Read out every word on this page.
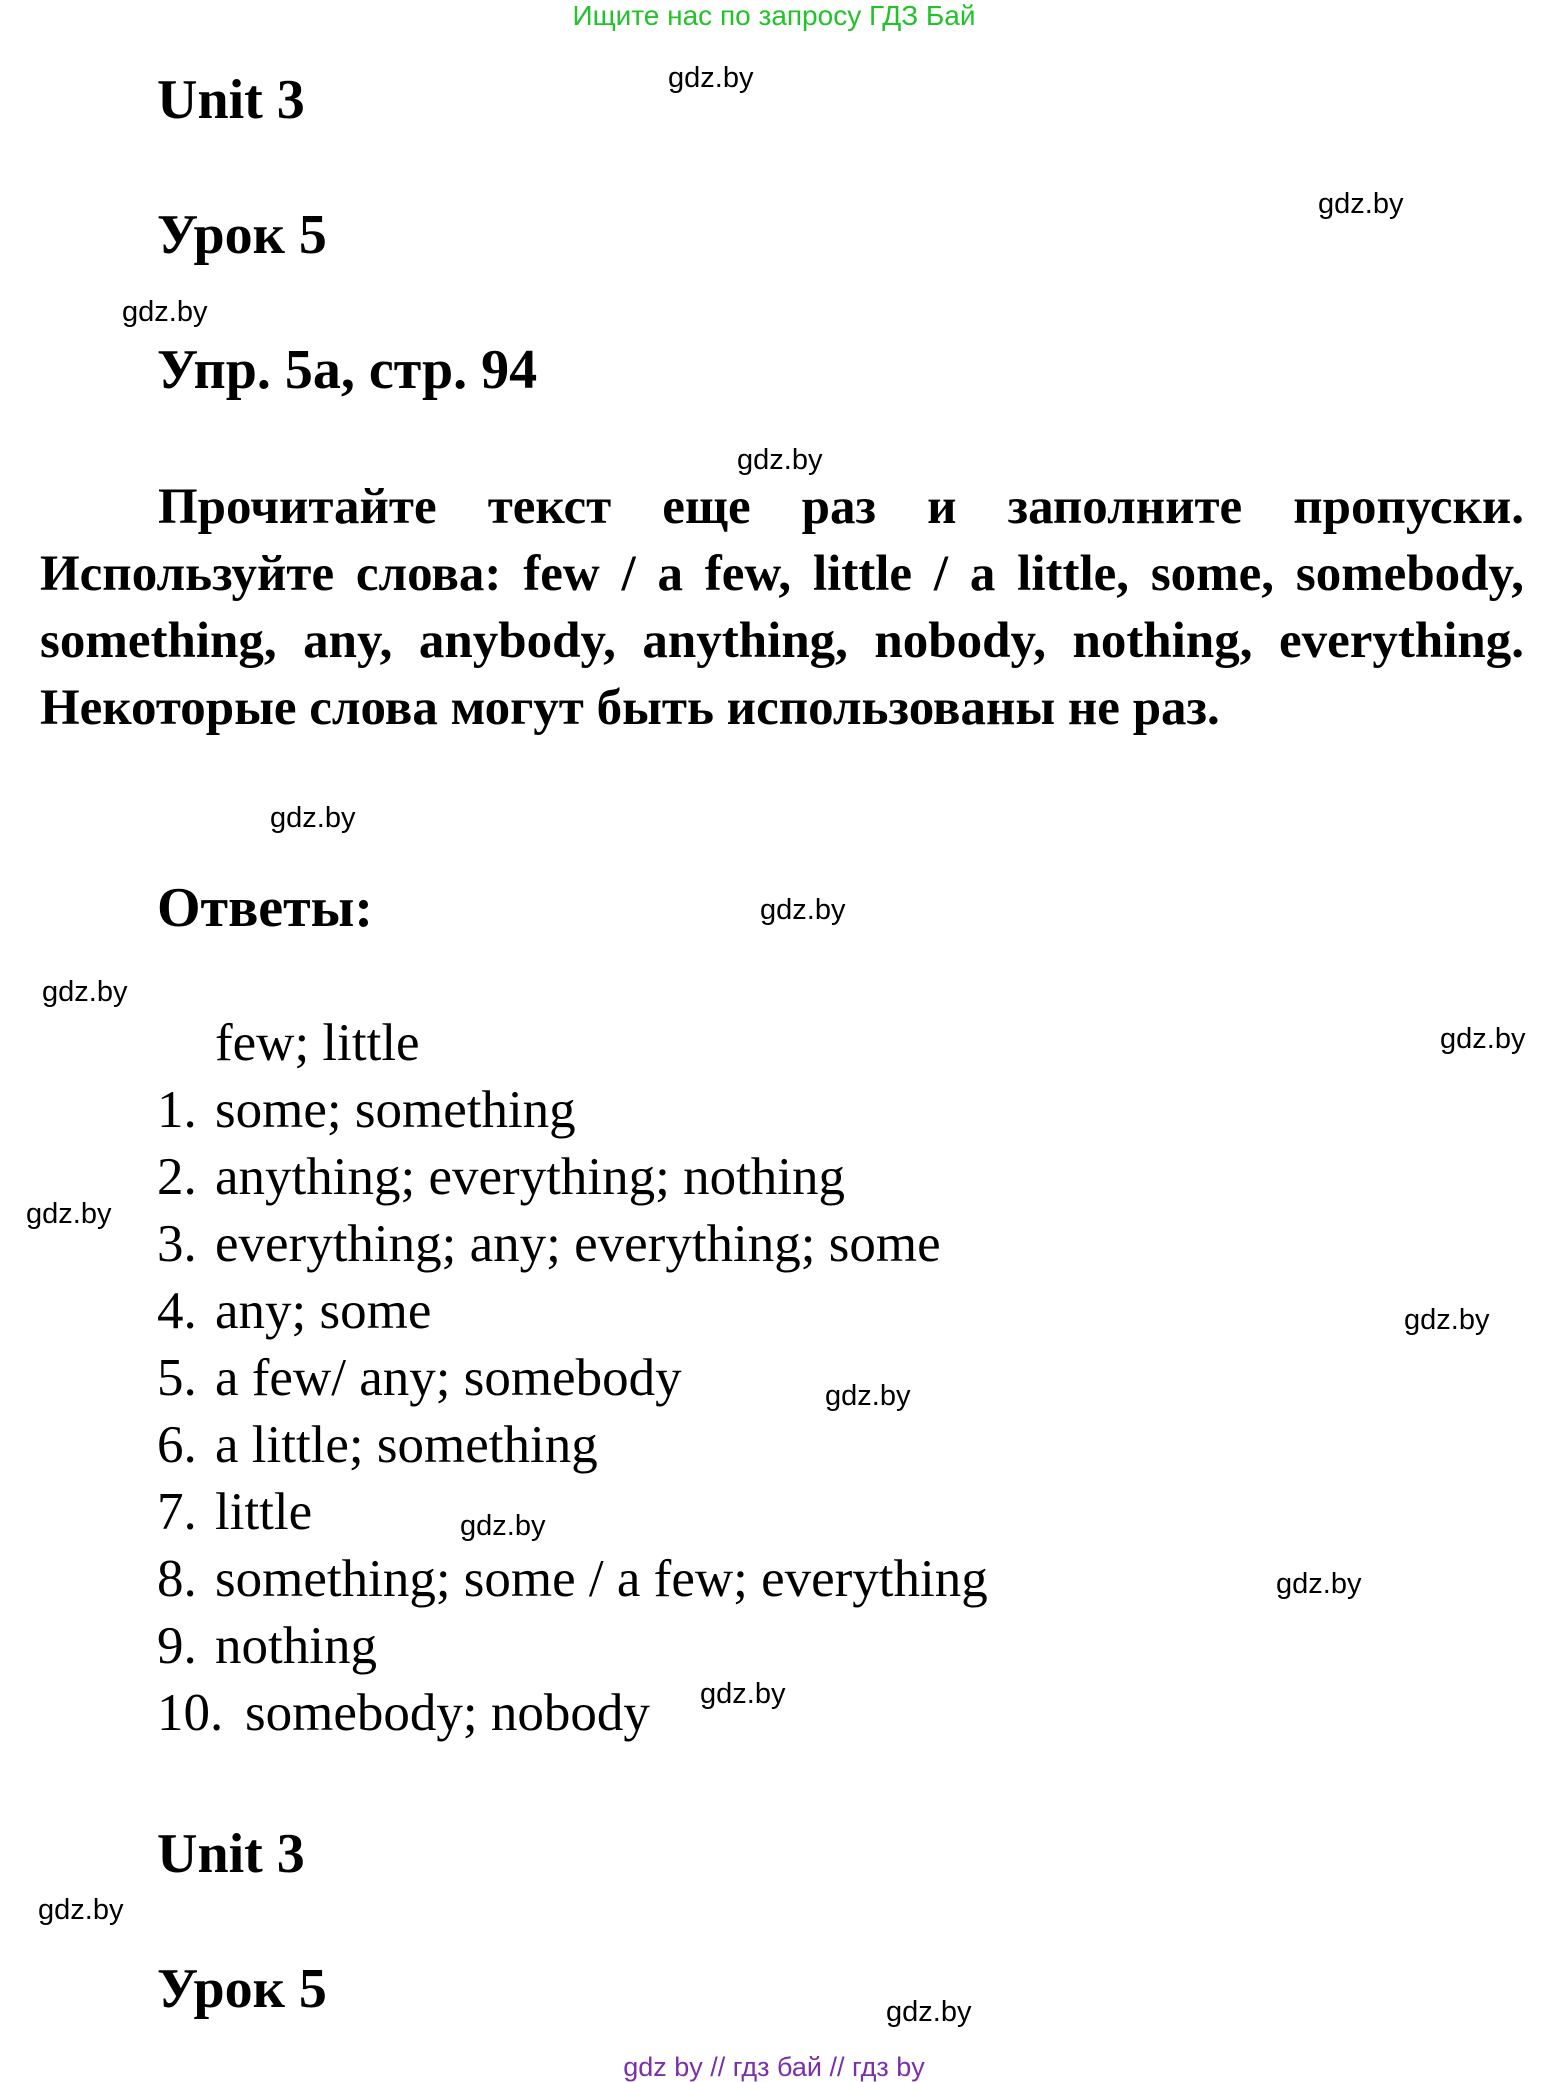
Ищите нас по запросу ГДЗ Бай
Unit 3
Урок 5
Упр. 5a, стр. 94
Прочитайте текст еще раз и заполните пропуски. Используйте слова: few / a few, little / a little, some, somebody, something, any, anybody, anything, nobody, nothing, everything. Некоторые слова могут быть использованы не раз.
Ответы:
few; little
1. some; something
2. anything; everything; nothing
3. everything; any; everything; some
4. any; some
5. a few/ any; somebody
6. a little; something
7. little
8. something; some / a few; everything
9. nothing
10. somebody; nobody
Unit 3
Урок 5
gdz.by
gdz.by
gdz.by
gdz.by
gdz.by
gdz.by
gdz.by
gdz.by
gdz.by
gdz.by
gdz.by
gdz.by
gdz.by
gdz.by
gdz.by
gdz.by
gdz by // гдз бай // гдз by
